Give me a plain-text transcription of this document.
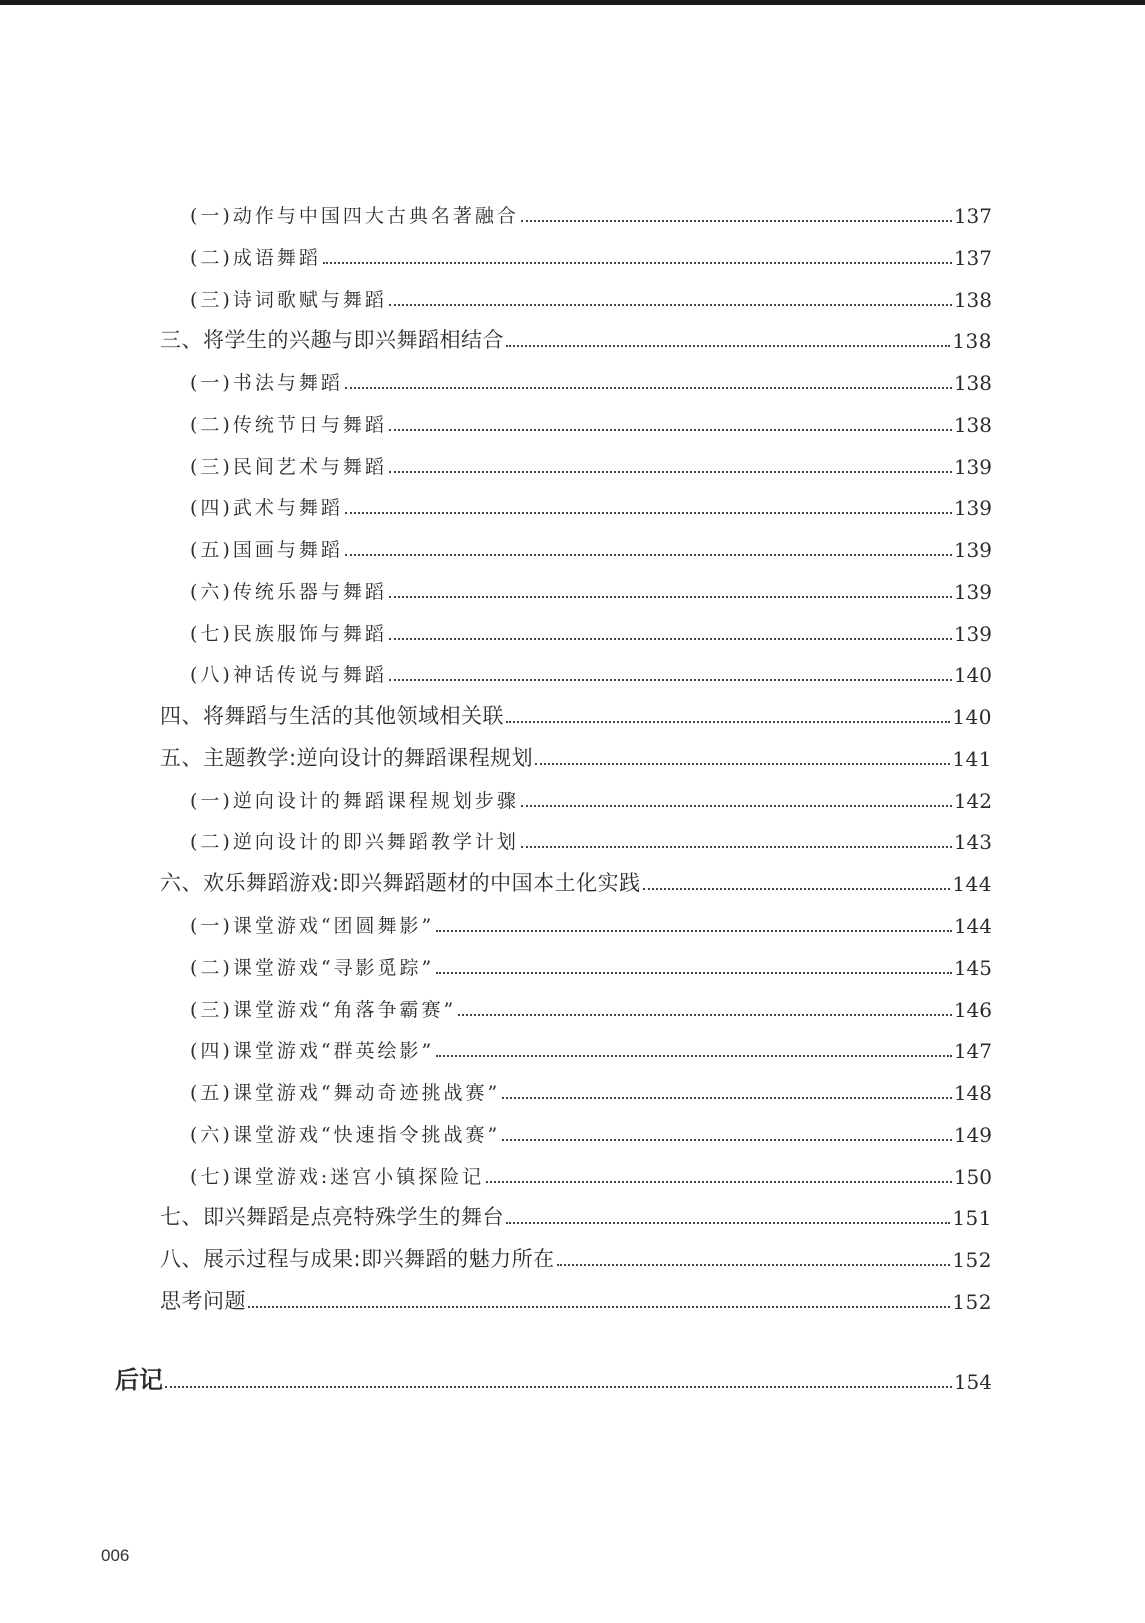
(一)动作与中国四大古典名著融合	137
(二)成语舞蹈	137
(三)诗词歌赋与舞蹈	138
三、将学生的兴趣与即兴舞蹈相结合	138
(一)书法与舞蹈	138
(二)传统节日与舞蹈	138
(三)民间艺术与舞蹈	139
(四)武术与舞蹈	139
(五)国画与舞蹈	139
(六)传统乐器与舞蹈	139
(七)民族服饰与舞蹈	139
(八)神话传说与舞蹈	140
四、将舞蹈与生活的其他领域相关联	140
五、主题教学:逆向设计的舞蹈课程规划	141
(一)逆向设计的舞蹈课程规划步骤	142
(二)逆向设计的即兴舞蹈教学计划	143
六、欢乐舞蹈游戏:即兴舞蹈题材的中国本土化实践	144
(一)课堂游戏“团圆舞影”	144
(二)课堂游戏“寻影觅踪”	145
(三)课堂游戏“角落争霸赛”	146
(四)课堂游戏“群英绘影”	147
(五)课堂游戏“舞动奇迹挑战赛”	148
(六)课堂游戏“快速指令挑战赛”	149
(七)课堂游戏:迷宫小镇探险记	150
七、即兴舞蹈是点亮特殊学生的舞台	151
八、展示过程与成果:即兴舞蹈的魅力所在	152
思考问题	152
后记	154
006
